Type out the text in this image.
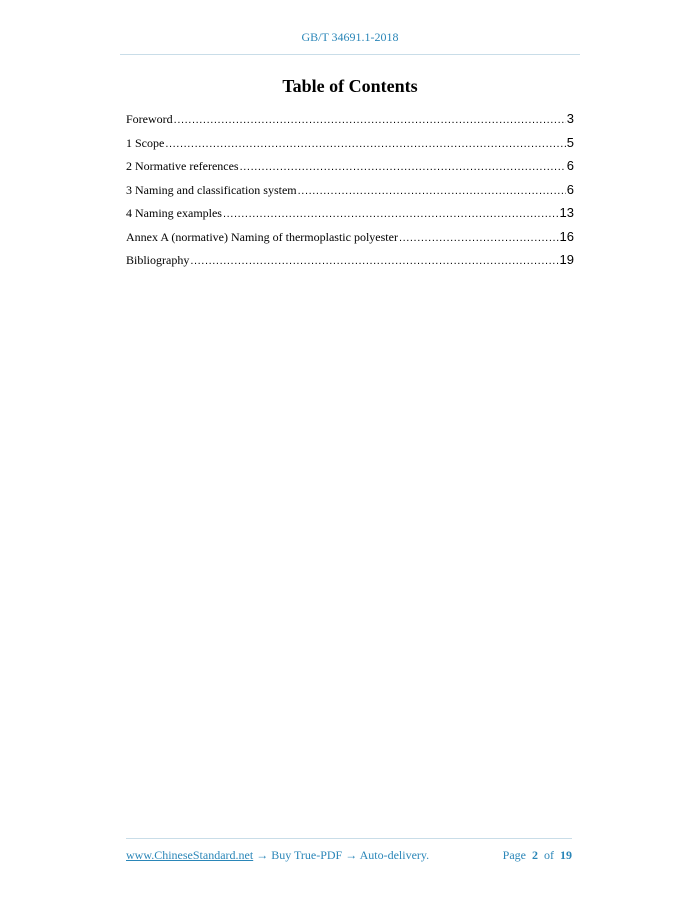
GB/T 34691.1-2018
Table of Contents
Foreword .....	3
1 Scope .....	5
2 Normative references .....	6
3 Naming and classification system .....	6
4 Naming examples .....	13
Annex A (normative) Naming of thermoplastic polyester .....	16
Bibliography .....	19
www.ChineseStandard.net → Buy True-PDF → Auto-delivery.	Page 2 of 19
